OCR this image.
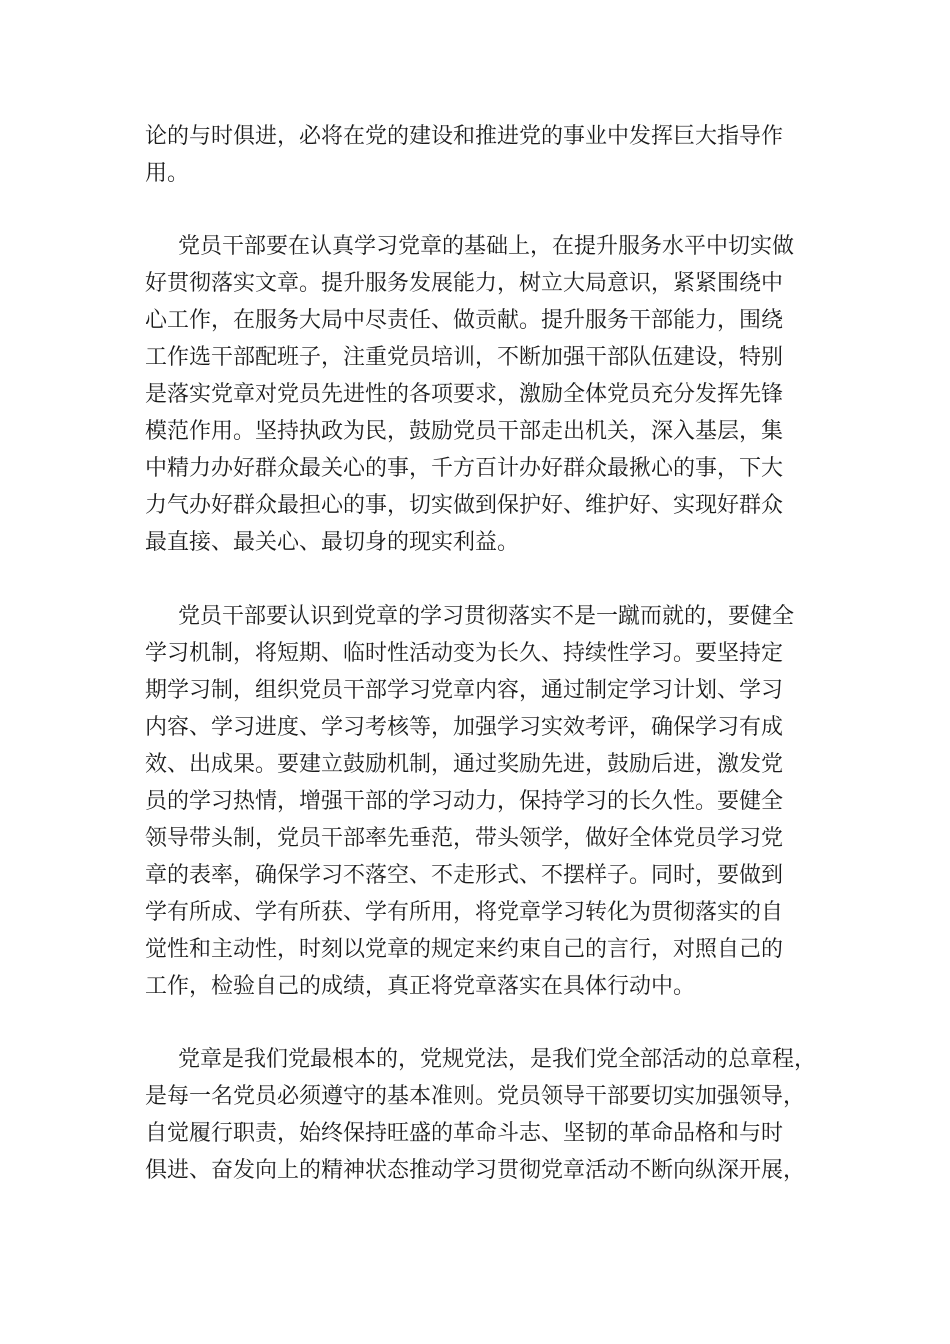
论的与时俱进，必将在党的建设和推进党的事业中发挥巨大指导作
用。
党员干部要在认真学习党章的基础上，在提升服务水平中切实做
好贯彻落实文章。提升服务发展能力，树立大局意识，紧紧围绕中
心工作，在服务大局中尽责任、做贡献。提升服务干部能力，围绕
工作选干部配班子，注重党员培训，不断加强干部队伍建设，特别
是落实党章对党员先进性的各项要求，激励全体党员充分发挥先锋
模范作用。坚持执政为民，鼓励党员干部走出机关，深入基层，集
中精力办好群众最关心的事，千方百计办好群众最揪心的事，下大
力气办好群众最担心的事，切实做到保护好、维护好、实现好群众
最直接、最关心、最切身的现实利益。
党员干部要认识到党章的学习贯彻落实不是一蹴而就的，要健全
学习机制，将短期、临时性活动变为长久、持续性学习。要坚持定
期学习制，组织党员干部学习党章内容，通过制定学习计划、学习
内容、学习进度、学习考核等，加强学习实效考评，确保学习有成
效、出成果。要建立鼓励机制，通过奖励先进，鼓励后进，激发党
员的学习热情，增强干部的学习动力，保持学习的长久性。要健全
领导带头制，党员干部率先垂范，带头领学，做好全体党员学习党
章的表率，确保学习不落空、不走形式、不摆样子。同时，要做到
学有所成、学有所获、学有所用，将党章学习转化为贯彻落实的自
觉性和主动性，时刻以党章的规定来约束自己的言行，对照自己的
工作，检验自己的成绩，真正将党章落实在具体行动中。
党章是我们党最根本的，党规党法，是我们党全部活动的总章程，
是每一名党员必须遵守的基本准则。党员领导干部要切实加强领导，
自觉履行职责，始终保持旺盛的革命斗志、坚韧的革命品格和与时
俱进、奋发向上的精神状态推动学习贯彻党章活动不断向纵深开展，
